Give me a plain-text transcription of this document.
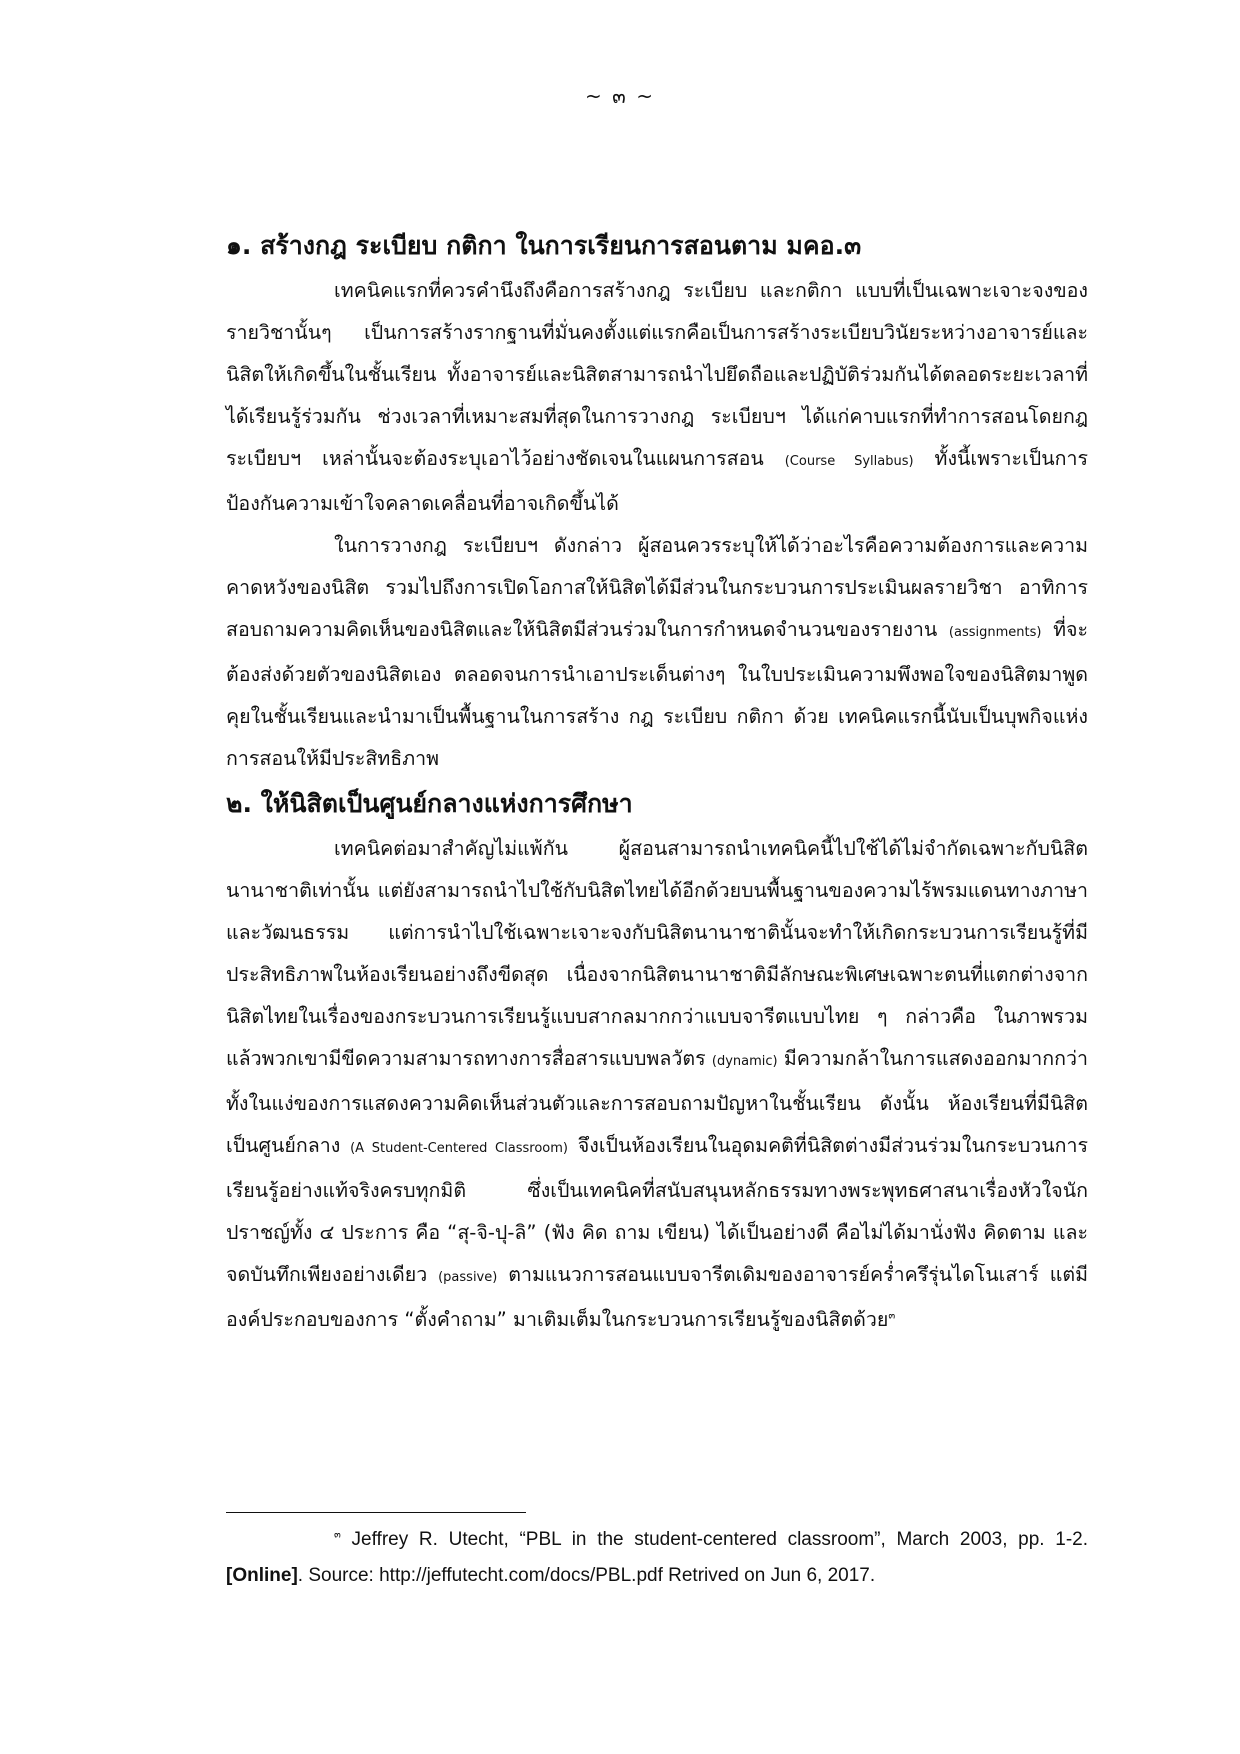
~ ๓ ~
๑. สร้างกฎ ระเบียบ กติกา ในการเรียนการสอนตาม มคอ.๓

เทคนิคแรกที่ควรคำนึงถึงคือการสร้างกฎ ระเบียบ และกติกา แบบที่เป็นเฉพาะเจาะจงของรายวิชานั้นๆ เป็นการสร้างรากฐานที่มั่นคงตั้งแต่แรกคือเป็นการสร้างระเบียบวินัยระหว่างอาจารย์และนิสิตให้เกิดขึ้นในชั้นเรียน ทั้งอาจารย์และนิสิตสามารถนำไปยึดถือและปฏิบัติร่วมกันได้ตลอดระยะเวลาที่ได้เรียนรู้ร่วมกัน ช่วงเวลาที่เหมาะสมที่สุดในการวางกฎ ระเบียบฯ ได้แก่คาบแรกที่ทำการสอนโดยกฎ ระเบียบฯ เหล่านั้นจะต้องระบุเอาไว้อย่างชัดเจนในแผนการสอน (Course Syllabus) ทั้งนี้เพราะเป็นการป้องกันความเข้าใจคลาดเคลื่อนที่อาจเกิดขึ้นได้

ในการวางกฎ ระเบียบฯ ดังกล่าว ผู้สอนควรระบุให้ได้ว่าอะไรคือความต้องการและความคาดหวังของนิสิต รวมไปถึงการเปิดโอกาสให้นิสิตได้มีส่วนในกระบวนการประเมินผลรายวิชา อาทิการสอบถามความคิดเห็นของนิสิตและให้นิสิตมีส่วนร่วมในการกำหนดจำนวนของรายงาน (assignments) ที่จะต้องส่งด้วยตัวของนิสิตเอง ตลอดจนการนำเอาประเด็นต่างๆ ในใบประเมินความพึงพอใจของนิสิตมาพูดคุยในชั้นเรียนและนำมาเป็นพื้นฐานในการสร้าง กฎ ระเบียบ กติกา ด้วย เทคนิคแรกนี้นับเป็นบุพกิจแห่งการสอนให้มีประสิทธิภาพ

๒. ให้นิสิตเป็นศูนย์กลางแห่งการศึกษา

เทคนิคต่อมาสำคัญไม่แพ้กัน ผู้สอนสามารถนำเทคนิคนี้ไปใช้ได้ไม่จำกัดเฉพาะกับนิสิตนานาชาติเท่านั้น แต่ยังสามารถนำไปใช้กับนิสิตไทยได้อีกด้วยบนพื้นฐานของความไร้พรมแดนทางภาษาและวัฒนธรรม แต่การนำไปใช้เฉพาะเจาะจงกับนิสิตนานาชาตินั้นจะทำให้เกิดกระบวนการเรียนรู้ที่มีประสิทธิภาพในห้องเรียนอย่างถึงขีดสุด เนื่องจากนิสิตนานาชาติมีลักษณะพิเศษเฉพาะตนที่แตกต่างจากนิสิตไทยในเรื่องของกระบวนการเรียนรู้แบบสากลมากกว่าแบบจารีตแบบไทย ๆ กล่าวคือ ในภาพรวมแล้วพวกเขามีขีดความสามารถทางการสื่อสารแบบพลวัตร (dynamic) มีความกล้าในการแสดงออกมากกว่าทั้งในแง่ของการแสดงความคิดเห็นส่วนตัวและการสอบถามปัญหาในชั้นเรียน ดังนั้น ห้องเรียนที่มีนิสิตเป็นศูนย์กลาง (A Student-Centered Classroom) จึงเป็นห้องเรียนในอุดมคติที่นิสิตต่างมีส่วนร่วมในกระบวนการเรียนรู้อย่างแท้จริงครบทุกมิติ ซึ่งเป็นเทคนิคที่สนับสนุนหลักธรรมทางพระพุทธศาสนาเรื่องหัวใจนักปราชญ์ทั้ง ๔ ประการ คือ “สุ-จิ-ปุ-ลิ” (ฟัง คิด ถาม เขียน) ได้เป็นอย่างดี คือไม่ได้มานั่งฟัง คิดตาม และจดบันทึกเพียงอย่างเดียว (passive) ตามแนวการสอนแบบจารีตเดิมของอาจารย์คร่ำครึรุ่นไดโนเสาร์ แต่มีองค์ประกอบของการ “ตั้งคำถาม” มาเติมเต็มในกระบวนการเรียนรู้ของนิสิตด้วย$^๓$

$^๓$ Jeffrey R. Utecht, “PBL in the student-centered classroom”, March 2003, pp. 1-2. [Online]. Source: http://jeffutecht.com/docs/PBL.pdf Retrived on Jun 6, 2017.
